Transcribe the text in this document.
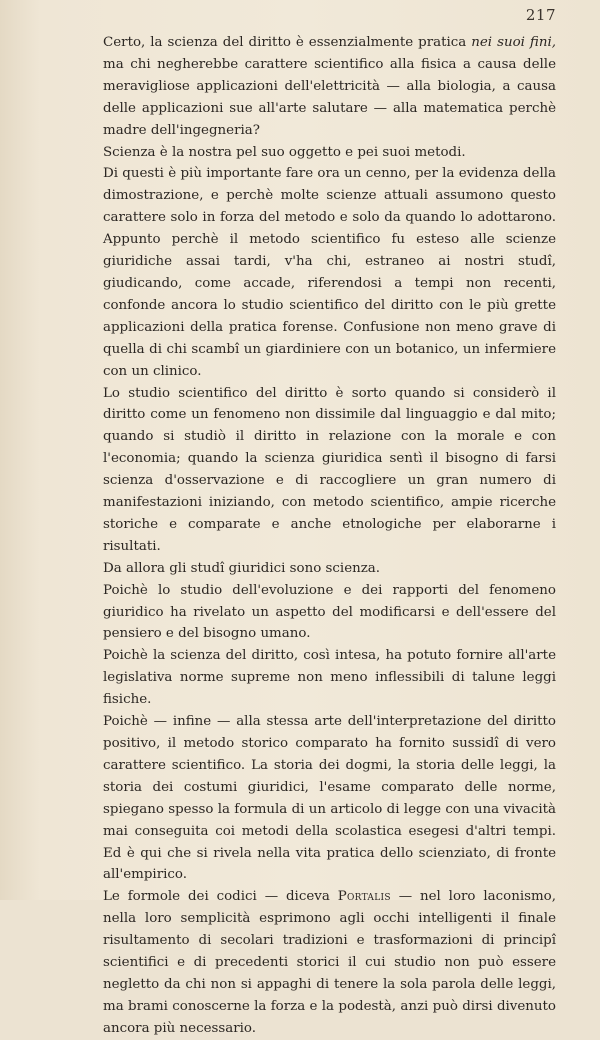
217

Certo, la scienza del diritto è essenzialmente pratica nei suoi fini, ma chi negherebbe carattere scientifico alla fisica a causa delle meravigliose applicazioni dell'elettricità — alla biologia, a causa delle applicazioni sue all'arte salutare — alla matematica perchè madre dell'ingegneria?

Scienza è la nostra pel suo oggetto e pei suoi metodi.

Di questi è più importante fare ora un cenno, per la evidenza della dimostrazione, e perchè molte scienze attuali assumono questo carattere solo in forza del metodo e solo da quando lo adottarono. Appunto perchè il metodo scientifico fu esteso alle scienze giuridiche assai tardi, v'ha chi, estraneo ai nostri studî, giudicando, come accade, riferendosi a tempi non recenti, confonde ancora lo studio scientifico del diritto con le più grette applicazioni della pratica forense. Confusione non meno grave di quella di chi scambî un giardiniere con un botanico, un infermiere con un clinico.

Lo studio scientifico del diritto è sorto quando si considerò il diritto come un fenomeno non dissimile dal linguaggio e dal mito; quando si studiò il diritto in relazione con la morale e con l'economia; quando la scienza giuridica sentì il bisogno di farsi scienza d'osservazione e di raccogliere un gran numero di manifestazioni iniziando, con metodo scientifico, ampie ricerche storiche e comparate e anche etnologiche per elaborarne i risultati.

Da allora gli studî giuridici sono scienza.

Poichè lo studio dell'evoluzione e dei rapporti del fenomeno giuridico ha rivelato un aspetto del modificarsi e dell'essere del pensiero e del bisogno umano.

Poichè la scienza del diritto, così intesa, ha potuto fornire all'arte legislativa norme supreme non meno inflessibili di talune leggi fisiche.

Poichè — infine — alla stessa arte dell'interpretazione del diritto positivo, il metodo storico comparato ha fornito sussidî di vero carattere scientifico. La storia dei dogmi, la storia delle leggi, la storia dei costumi giuridici, l'esame comparato delle norme, spiegano spesso la formula di un articolo di legge con una vivacità mai conseguita coi metodi della scolastica esegesi d'altri tempi. Ed è qui che si rivela nella vita pratica dello scienziato, di fronte all'empirico.

Le formole dei codici — diceva Portalis — nel loro laconismo, nella loro semplicità esprimono agli occhi intelligenti il finale risultamento di secolari tradizioni e trasformazioni di principî scientifici e di precedenti storici il cui studio non può essere negletto da chi non si appaghi di tenere la sola parola delle leggi, ma brami conoscerne la forza e la podestà, anzi può dirsi divenuto ancora più necessario.
